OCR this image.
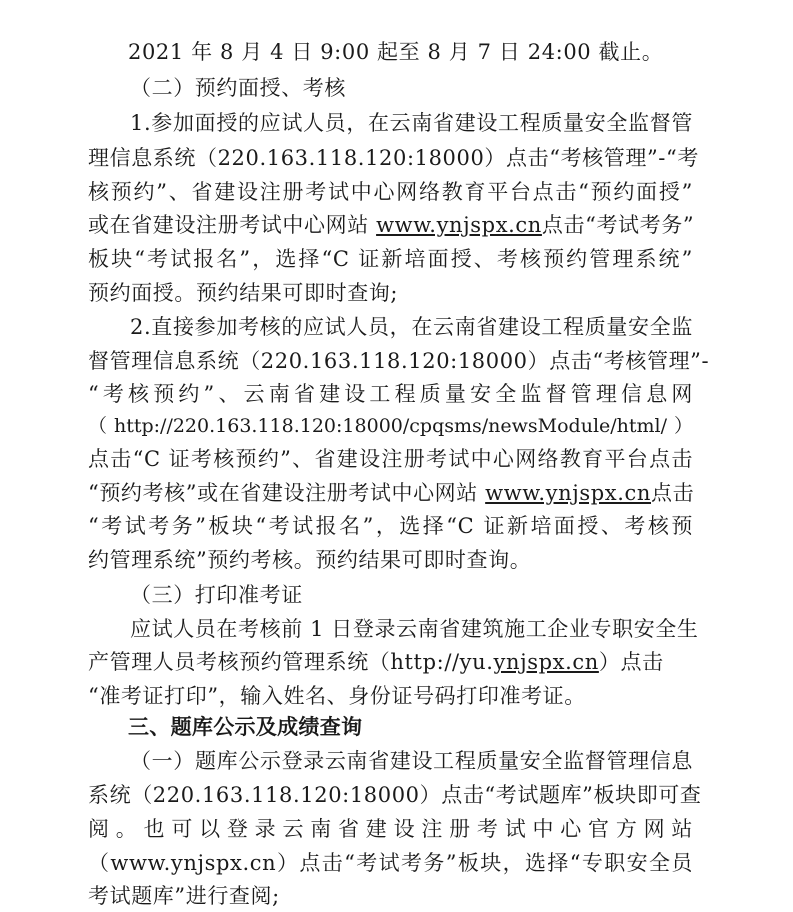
2021 年 8 月 4 日 9:00 起至 8 月 7 日 24:00 截止。
（二）预约面授、考核
1.参加面授的应试人员，在云南省建设工程质量安全监督管
理信息系统（220.163.118.120:18000）点击“考核管理”-“考
核预约”、省建设注册考试中心网络教育平台点击“预约面授”
或在省建设注册考试中心网站 www.ynjspx.cn点击“考试考务”
板块“考试报名”，选择“C 证新培面授、考核预约管理系统”
预约面授。预约结果可即时查询;
2.直接参加考核的应试人员，在云南省建设工程质量安全监
督管理信息系统（220.163.118.120:18000）点击“考核管理”-
“考核预约”、云南省建设工程质量安全监督管理信息网
（http://220.163.118.120:18000/cpqsms/newsModule/html/）
点击“C 证考核预约”、省建设注册考试中心网络教育平台点击
“预约考核”或在省建设注册考试中心网站 www.ynjspx.cn点击
“考试考务”板块“考试报名”，选择“C 证新培面授、考核预
约管理系统”预约考核。预约结果可即时查询。
（三）打印准考证
应试人员在考核前 1 日登录云南省建筑施工企业专职安全生
产管理人员考核预约管理系统（http://yu.ynjspx.cn）点击
“准考证打印”，输入姓名、身份证号码打印准考证。
三、题库公示及成绩查询
（一）题库公示登录云南省建设工程质量安全监督管理信息
系统（220.163.118.120:18000）点击“考试题库”板块即可查
阅。也可以登录云南省建设注册考试中心官方网站
（www.ynjspx.cn）点击“考试考务”板块，选择“专职安全员
考试题库”进行查阅;
